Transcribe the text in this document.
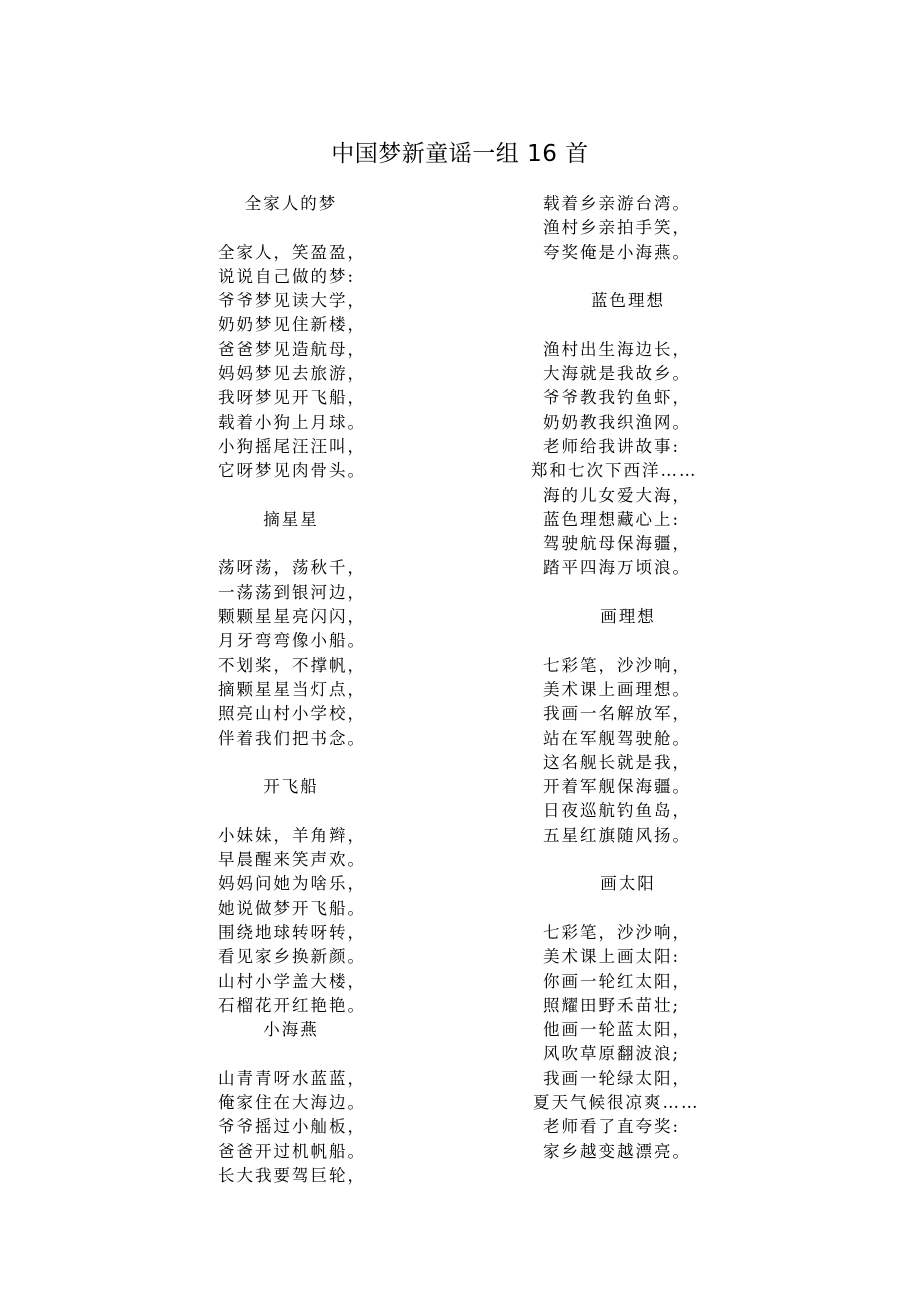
中国梦新童谣一组 16 首
全家人的梦
全家人，笑盈盈，
说说自己做的梦:
爷爷梦见读大学，
奶奶梦见住新楼，
爸爸梦见造航母，
妈妈梦见去旅游，
我呀梦见开飞船，
载着小狗上月球。
小狗摇尾汪汪叫，
它呀梦见肉骨头。
摘星星
荡呀荡，荡秋千，
一荡荡到银河边，
颗颗星星亮闪闪，
月牙弯弯像小船。
不划桨，不撑帆，
摘颗星星当灯点，
照亮山村小学校，
伴着我们把书念。
开飞船
小妹妹，羊角辫，
早晨醒来笑声欢。
妈妈问她为啥乐，
她说做梦开飞船。
围绕地球转呀转，
看见家乡换新颜。
山村小学盖大楼，
石榴花开红艳艳。
小海燕
山青青呀水蓝蓝，
俺家住在大海边。
爷爷摇过小舢板，
爸爸开过机帆船。
长大我要驾巨轮，
载着乡亲游台湾。
渔村乡亲拍手笑，
夸奖俺是小海燕。
蓝色理想
渔村出生海边长，
大海就是我故乡。
爷爷教我钓鱼虾，
奶奶教我织渔网。
老师给我讲故事:
郑和七次下西洋……
海的儿女爱大海，
蓝色理想藏心上:
驾驶航母保海疆，
踏平四海万顷浪。
画理想
七彩笔，沙沙响，
美术课上画理想。
我画一名解放军，
站在军舰驾驶舱。
这名舰长就是我，
开着军舰保海疆。
日夜巡航钓鱼岛，
五星红旗随风扬。
画太阳
七彩笔，沙沙响，
美术课上画太阳:
你画一轮红太阳，
照耀田野禾苗壮;
他画一轮蓝太阳，
风吹草原翻波浪;
我画一轮绿太阳，
夏天气候很凉爽……
老师看了直夸奖:
家乡越变越漂亮。
